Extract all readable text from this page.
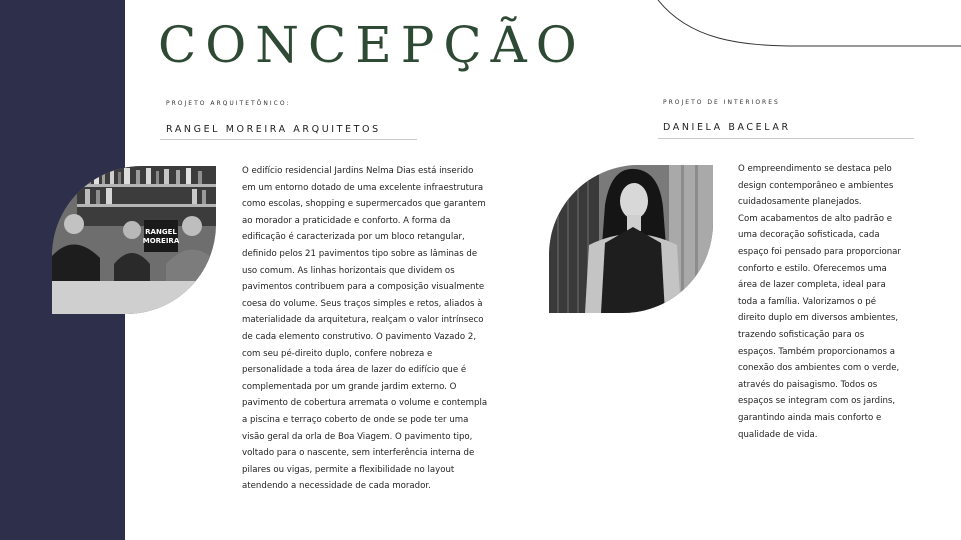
CONCEPÇÃO
PROJETO ARQUITETÔNICO:
RANGEL MOREIRA ARQUITETOS
RANGEL
MOREIRA
O edifício residencial Jardins Nelma Dias está inserido
em um entorno dotado de uma excelente infraestrutura
como escolas, shopping e supermercados que garantem
ao morador a praticidade e conforto. A forma da
edificação é caracterizada por um bloco retangular,
definido pelos 21 pavimentos tipo sobre as lâminas de
uso comum. As linhas horizontais que dividem os
pavimentos contribuem para a composição visualmente
coesa do volume. Seus traços simples e retos, aliados à
materialidade da arquitetura, realçam o valor intrínseco
de cada elemento construtivo. O pavimento Vazado 2,
com seu pé-direito duplo, confere nobreza e
personalidade a toda área de lazer do edifício que é
complementada por um grande jardim externo. O
pavimento de cobertura arremata o volume e contempla
a piscina e terraço coberto de onde se pode ter uma
visão geral da orla de Boa Viagem. O pavimento tipo,
voltado para o nascente, sem interferência interna de
pilares ou vigas, permite a flexibilidade no layout
atendendo a necessidade de cada morador.
PROJETO DE INTERIORES
DANIELA BACELAR
O empreendimento se destaca pelo
design contemporâneo e ambientes
cuidadosamente planejados.
Com acabamentos de alto padrão e
uma decoração sofisticada, cada
espaço foi pensado para proporcionar
conforto e estilo. Oferecemos uma
área de lazer completa, ideal para
toda a família. Valorizamos o pé
direito duplo em diversos ambientes,
trazendo sofisticação para os
espaços. Também proporcionamos a
conexão dos ambientes com o verde,
através do paisagismo. Todos os
espaços se integram com os jardins,
garantindo ainda mais conforto e
qualidade de vida.
